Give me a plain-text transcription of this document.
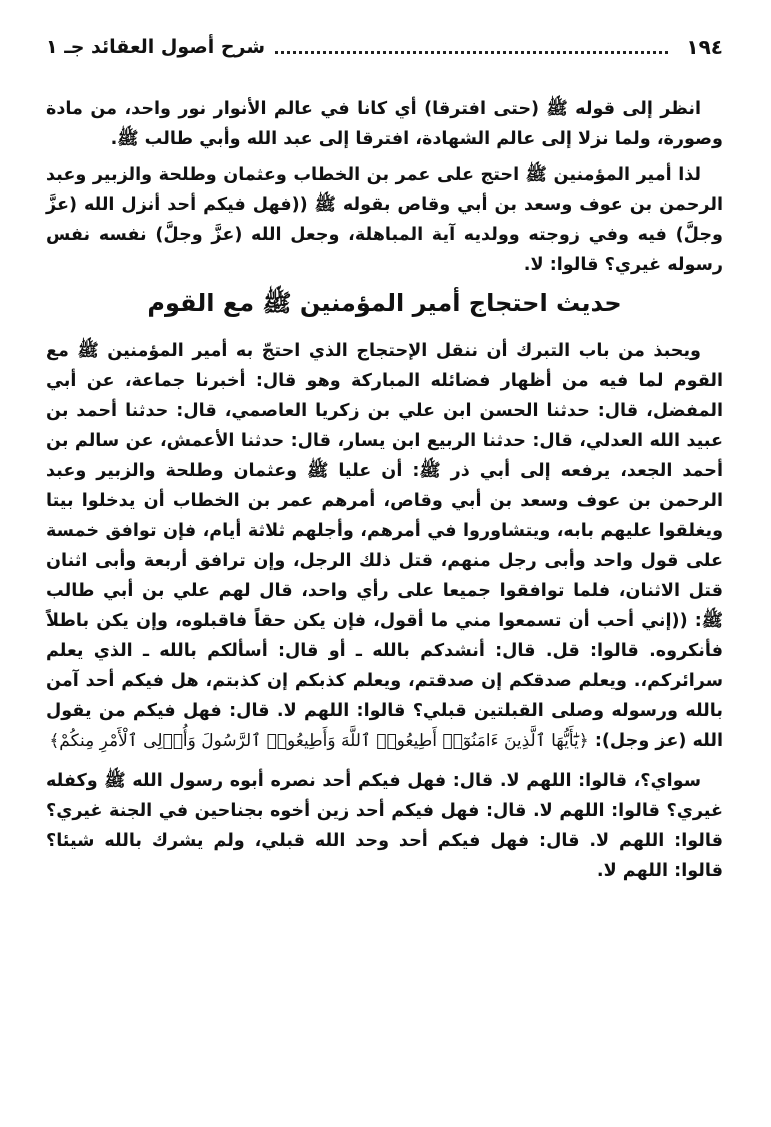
١٩٤
شرح أصول العقائد جـ ١

انظر إلى قوله ﷺ (حتى افترقا) أي كانا في عالم الأنوار نور واحد، من مادة وصورة، ولما نزلا إلى عالم الشهادة، افترقا إلى عبد الله وأبي طالب ﷺ.

لذا أمير المؤمنين ﷺ احتج على عمر بن الخطاب وعثمان وطلحة والزبير وعبد الرحمن بن عوف وسعد بن أبي وقاص بقوله ﷺ ((فهل فيكم أحد أنزل الله (عزَّ وجلَّ) فيه وفي زوجته وولديه آية المباهلة، وجعل الله (عزَّ وجلَّ) نفسه نفس رسوله غيري؟ قالوا: لا.

حديث احتجاج أمير المؤمنين ﷺ مع القوم

ويحبذ من باب التبرك أن ننقل الإحتجاج الذي احتجّ به أمير المؤمنين ﷺ مع القوم لما فيه من أظهار فضائله المباركة وهو قال: أخبرنا جماعة، عن أبي المفضل، قال: حدثنا الحسن ابن علي بن زكريا العاصمي، قال: حدثنا أحمد بن عبيد الله العدلي، قال: حدثنا الربيع ابن يسار، قال: حدثنا الأعمش، عن سالم بن أحمد الجعد، يرفعه إلى أبي ذر ﷺ: أن عليا ﷺ وعثمان وطلحة والزبير وعبد الرحمن بن عوف وسعد بن أبي وقاص، أمرهم عمر بن الخطاب أن يدخلوا بيتا ويغلقوا عليهم بابه، ويتشاوروا في أمرهم، وأجلهم ثلاثة أيام، فإن توافق خمسة على قول واحد وأبى رجل منهم، قتل ذلك الرجل، وإن ترافق أربعة وأبى اثنان قتل الاثنان، فلما توافقوا جميعا على رأي واحد، قال لهم علي بن أبي طالب ﷺ: ((إني أحب أن تسمعوا مني ما أقول، فإن يكن حقاً فاقبلوه، وإن يكن باطلاً فأنكروه. قالوا: قل. قال: أنشدكم بالله ـ أو قال: أسألكم بالله ـ الذي يعلم سرائركم،. ويعلم صدقكم إن صدقتم، ويعلم كذبكم إن كذبتم، هل فيكم أحد آمن بالله ورسوله وصلى القبلتين قبلي؟ قالوا: اللهم لا. قال: فهل فيكم من يقول الله (عز وجل): ﴿يَٰٓأَيُّهَا ٱلَّذِينَ ءَامَنُوٓا۟ أَطِيعُوا۟ ٱللَّهَ وَأَطِيعُوا۟ ٱلرَّسُولَ وَأُو۟لِى ٱلْأَمْرِ مِنكُمْ﴾

سواي؟، قالوا: اللهم لا. قال: فهل فيكم أحد نصره أبوه رسول الله ﷺ وكفله غيري؟ قالوا: اللهم لا. قال: فهل فيكم أحد زين أخوه بجناحين في الجنة غيري؟ قالوا: اللهم لا. قال: فهل فيكم أحد وحد الله قبلي، ولم يشرك بالله شيئا؟ قالوا: اللهم لا.
